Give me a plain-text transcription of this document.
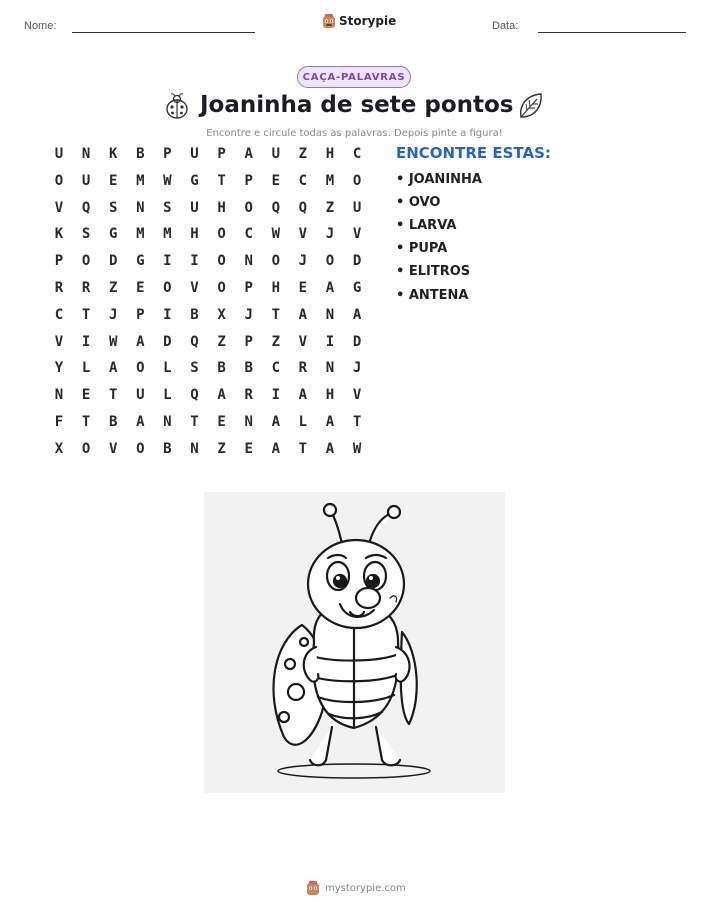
Nome:	Storypie	Data:
CAÇA-PALAVRAS
Joaninha de sete pontos
Encontre e circule todas as palavras. Depois pinte a figura!
U	N	K	B	P	U	P	A	U	Z	H	C
O	U	E	M	W	G	T	P	E	C	M	O
V	Q	S	N	S	U	H	O	Q	Q	Z	U
K	S	G	M	M	H	O	C	W	V	J	V
P	O	D	G	I	I	O	N	O	J	O	D
R	R	Z	E	O	V	O	P	H	E	A	G
C	T	J	P	I	B	X	J	T	A	N	A
V	I	W	A	D	Q	Z	P	Z	V	I	D
Y	L	A	O	L	S	B	B	C	R	N	J
N	E	T	U	L	Q	A	R	I	A	H	V
F	T	B	A	N	T	E	N	A	L	A	T
X	O	V	O	B	N	Z	E	A	T	A	W
ENCONTRE ESTAS:
• JOANINHA
• OVO
• LARVA
• PUPA
• ELITROS
• ANTENA
mystorypie.com
